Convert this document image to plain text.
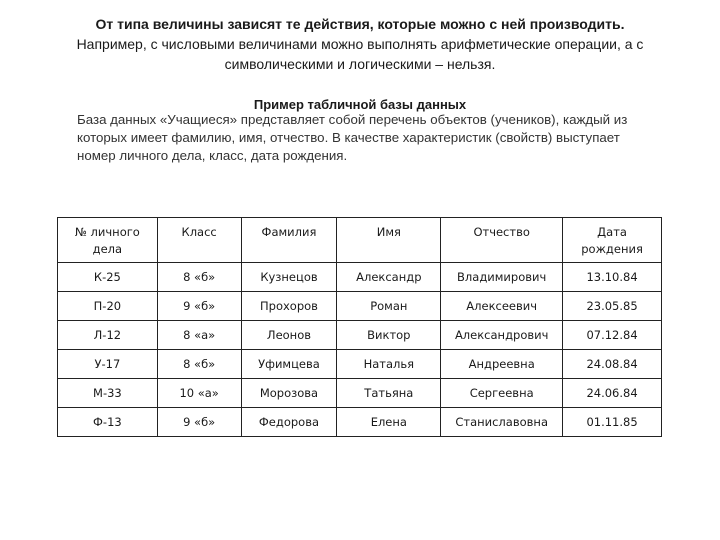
От типа величины зависят те действия, которые можно с ней производить.
Например, с числовыми величинами можно выполнять арифметические операции, а с
символическими и логическими – нельзя.
Пример табличной базы данных
База данных «Учащиеся» представляет собой перечень объектов (учеников), каждый из которых имеет фамилию, имя, отчество. В качестве характеристик (свойств) выступает номер личного дела, класс, дата рождения.
№ личного
дела	Класс	Фамилия	Имя	Отчество	Дата
рождения
К-25	8 «б»	Кузнецов	Александр	Владимирович	13.10.84
П-20	9 «б»	Прохоров	Роман	Алексеевич	23.05.85
Л-12	8 «а»	Леонов	Виктор	Александрович	07.12.84
У-17	8 «б»	Уфимцева	Наталья	Андреевна	24.08.84
М-33	10 «а»	Морозова	Татьяна	Сергеевна	24.06.84
Ф-13	9 «б»	Федорова	Елена	Станиславовна	01.11.85
